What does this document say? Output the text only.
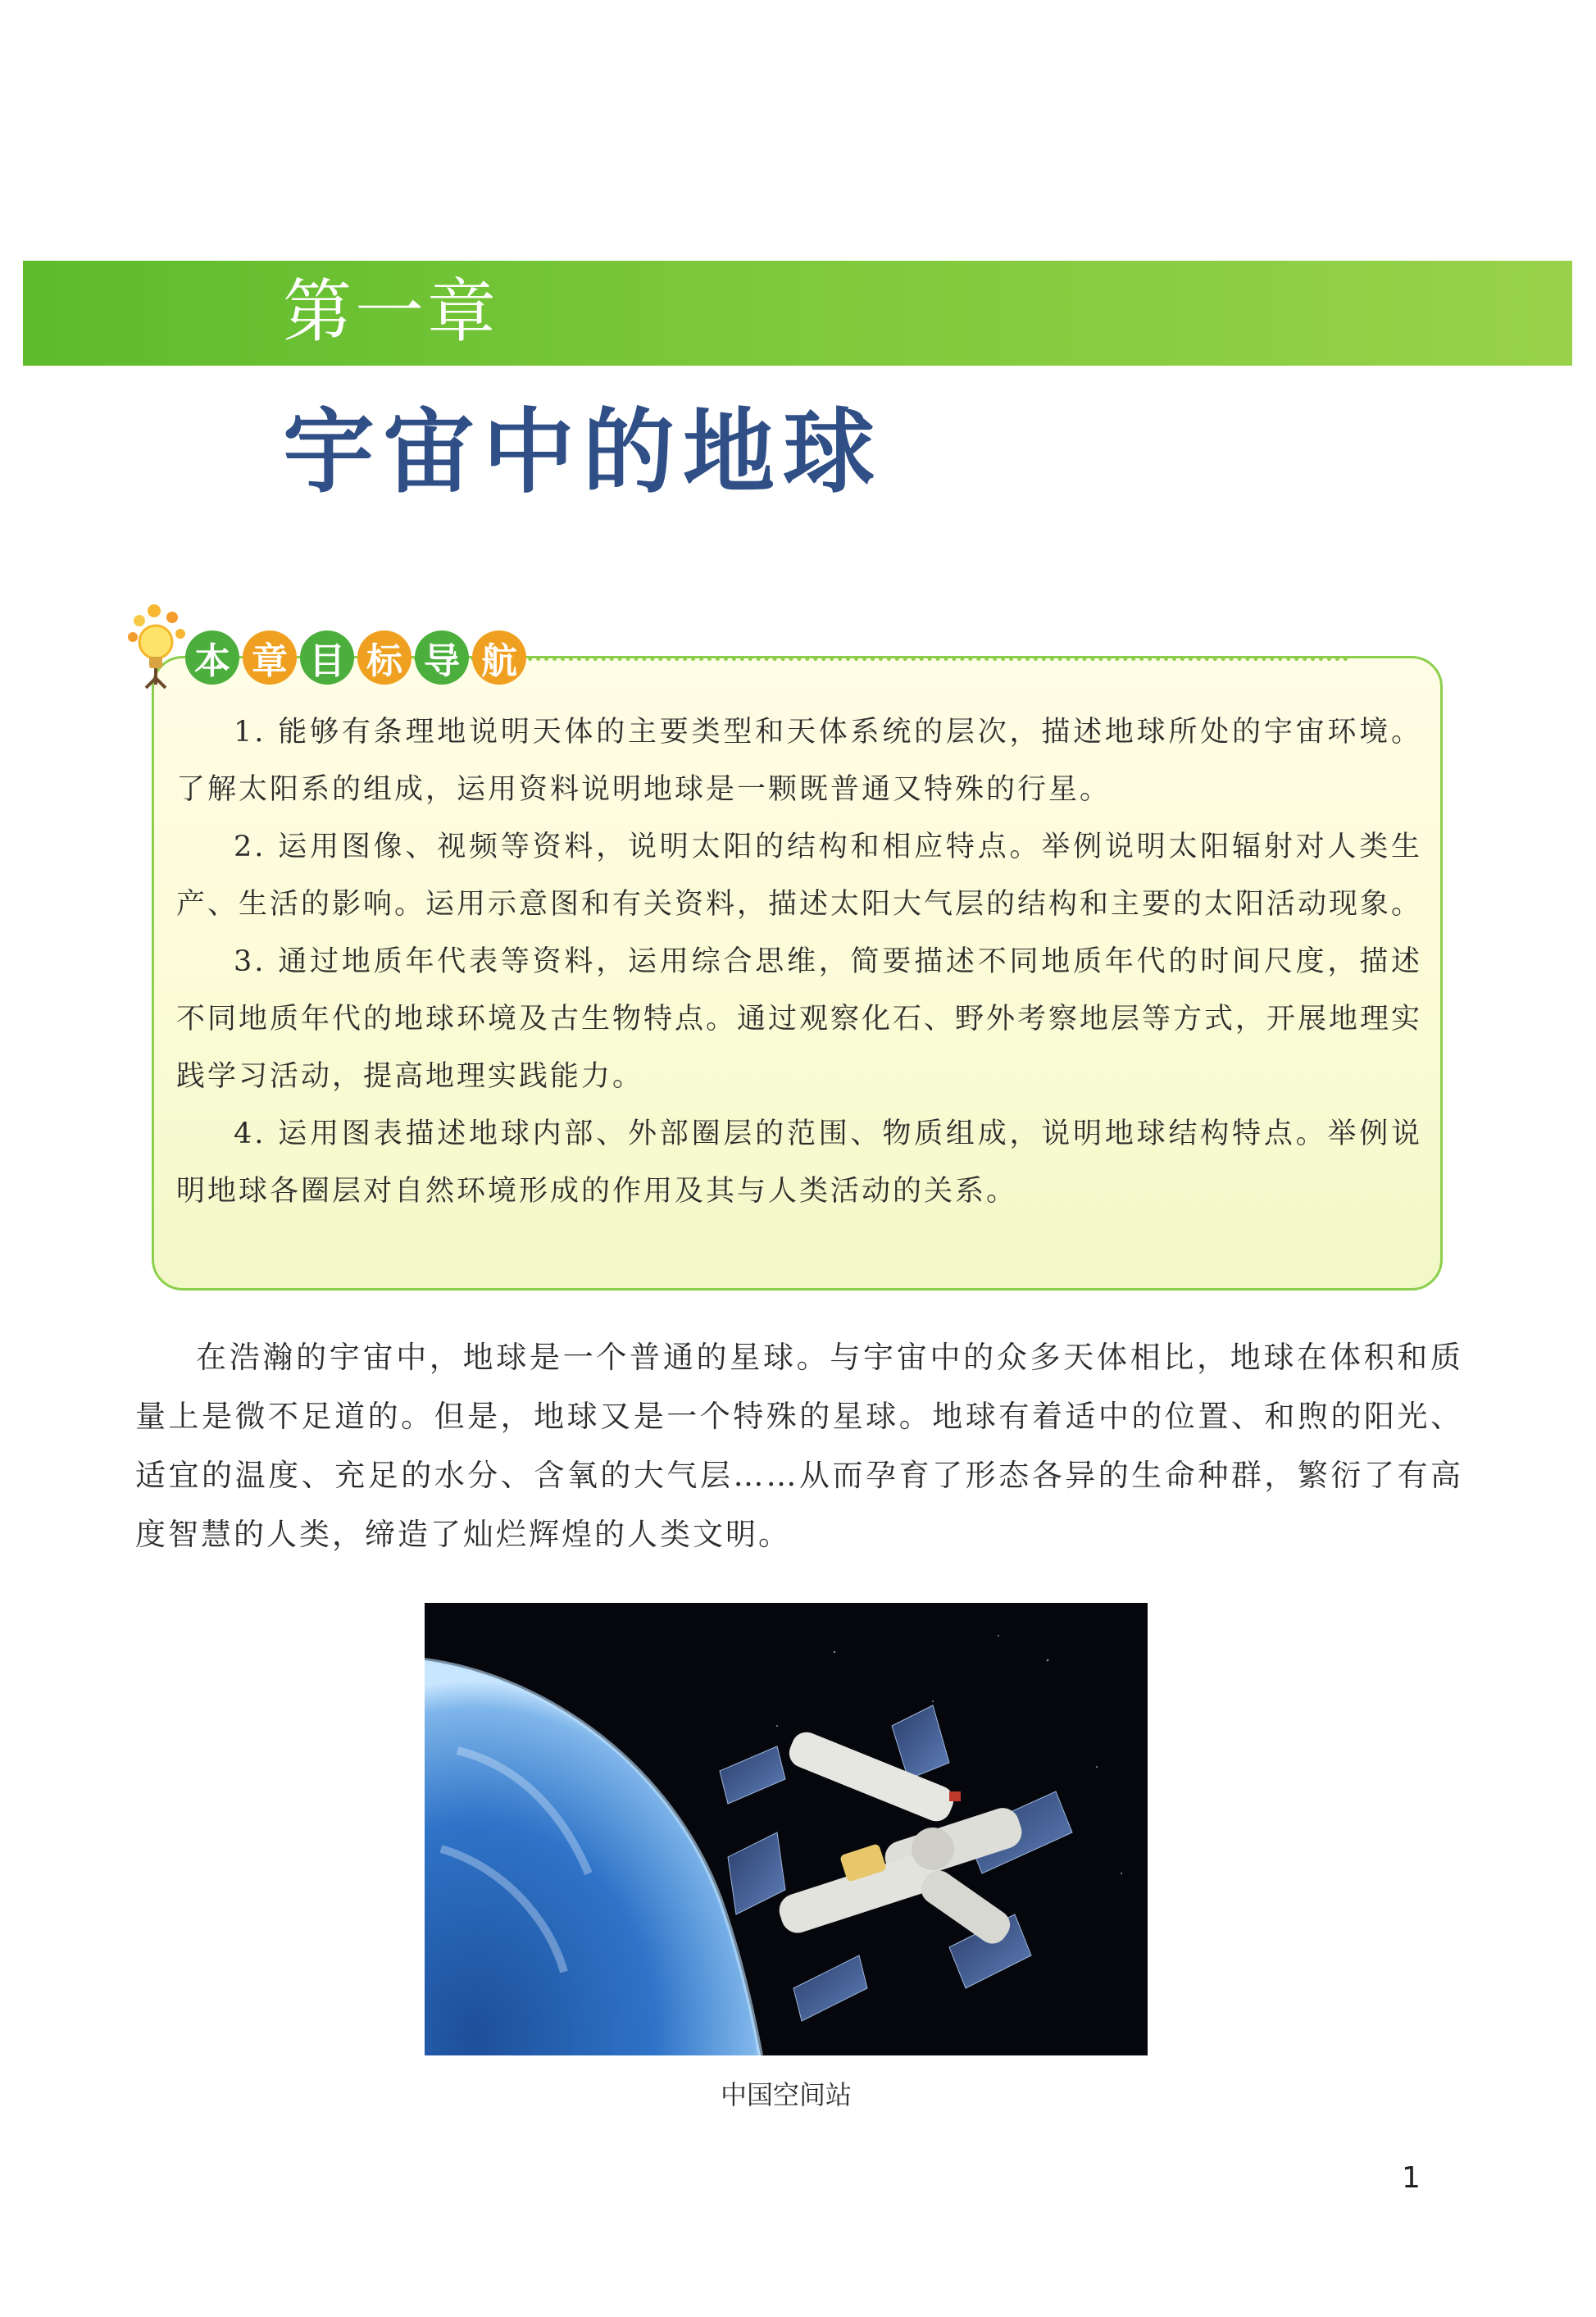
第一章
宇宙中的地球
本 章 目 标 导 航

1. 能够有条理地说明天体的主要类型和天体系统的层次，描述地球所处的宇宙环境。了解太阳系的组成，运用资料说明地球是一颗既普通又特殊的行星。

2. 运用图像、视频等资料，说明太阳的结构和相应特点。举例说明太阳辐射对人类生产、生活的影响。运用示意图和有关资料，描述太阳大气层的结构和主要的太阳活动现象。

3. 通过地质年代表等资料，运用综合思维，简要描述不同地质年代的时间尺度，描述不同地质年代的地球环境及古生物特点。通过观察化石、野外考察地层等方式，开展地理实践学习活动，提高地理实践能力。

4. 运用图表描述地球内部、外部圈层的范围、物质组成，说明地球结构特点。举例说明地球各圈层对自然环境形成的作用及其与人类活动的关系。

在浩瀚的宇宙中，地球是一个普通的星球。与宇宙中的众多天体相比，地球在体积和质量上是微不足道的。但是，地球又是一个特殊的星球。地球有着适中的位置、和煦的阳光、适宜的温度、充足的水分、含氧的大气层……从而孕育了形态各异的生命种群，繁衍了有高度智慧的人类，缔造了灿烂辉煌的人类文明。

中国空间站
1
